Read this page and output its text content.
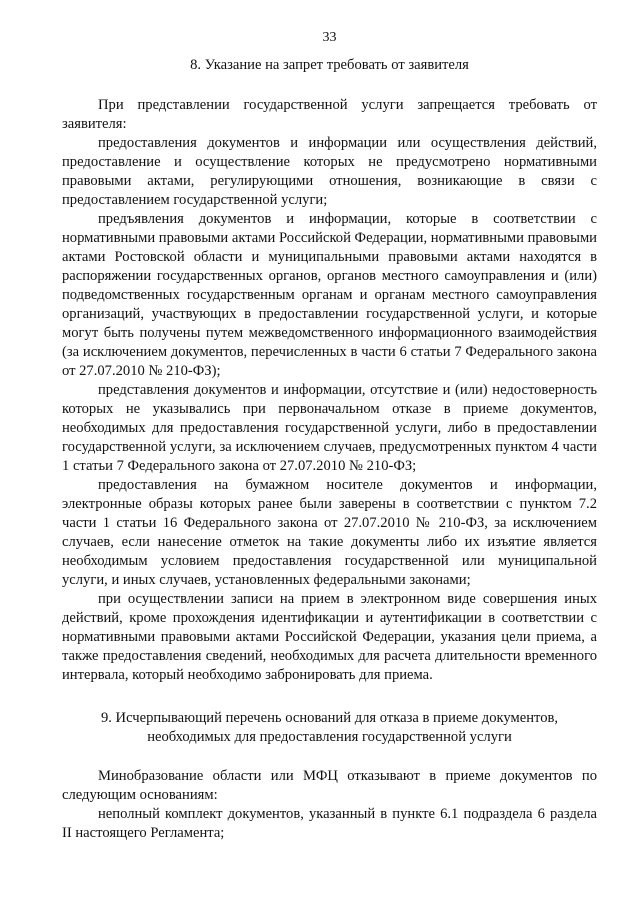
33
8. Указание на запрет требовать от заявителя

При представлении государственной услуги запрещается требовать от заявителя:

предоставления документов и информации или осуществления действий, предоставление и осуществление которых не предусмотрено нормативными правовыми актами, регулирующими отношения, возникающие в связи с предоставлением государственной услуги;

предъявления документов и информации, которые в соответствии с нормативными правовыми актами Российской Федерации, нормативными правовыми актами Ростовской области и муниципальными правовыми актами находятся в распоряжении государственных органов, органов местного самоуправления и (или) подведомственных государственным органам и органам местного самоуправления организаций, участвующих в предоставлении государственной услуги, и которые могут быть получены путем межведомственного информационного взаимодействия (за исключением документов, перечисленных в части 6 статьи 7 Федерального закона от 27.07.2010 № 210-ФЗ);

представления документов и информации, отсутствие и (или) недостоверность которых не указывались при первоначальном отказе в приеме документов, необходимых для предоставления государственной услуги, либо в предоставлении государственной услуги, за исключением случаев, предусмотренных пунктом 4 части 1 статьи 7 Федерального закона от 27.07.2010 № 210-ФЗ;

предоставления на бумажном носителе документов и информации, электронные образы которых ранее были заверены в соответствии с пунктом 7.2 части 1 статьи 16 Федерального закона от 27.07.2010 № 210-ФЗ, за исключением случаев, если нанесение отметок на такие документы либо их изъятие является необходимым условием предоставления государственной или муниципальной услуги, и иных случаев, установленных федеральными законами;

при осуществлении записи на прием в электронном виде совершения иных действий, кроме прохождения идентификации и аутентификации в соответствии с нормативными правовыми актами Российской Федерации, указания цели приема, а также предоставления сведений, необходимых для расчета длительности временного интервала, который необходимо забронировать для приема.

9. Исчерпывающий перечень оснований для отказа в приеме документов,
необходимых для предоставления государственной услуги

Минобразование области или МФЦ отказывают в приеме документов по следующим основаниям:

неполный комплект документов, указанный в пункте 6.1 подраздела 6 раздела II настоящего Регламента;
